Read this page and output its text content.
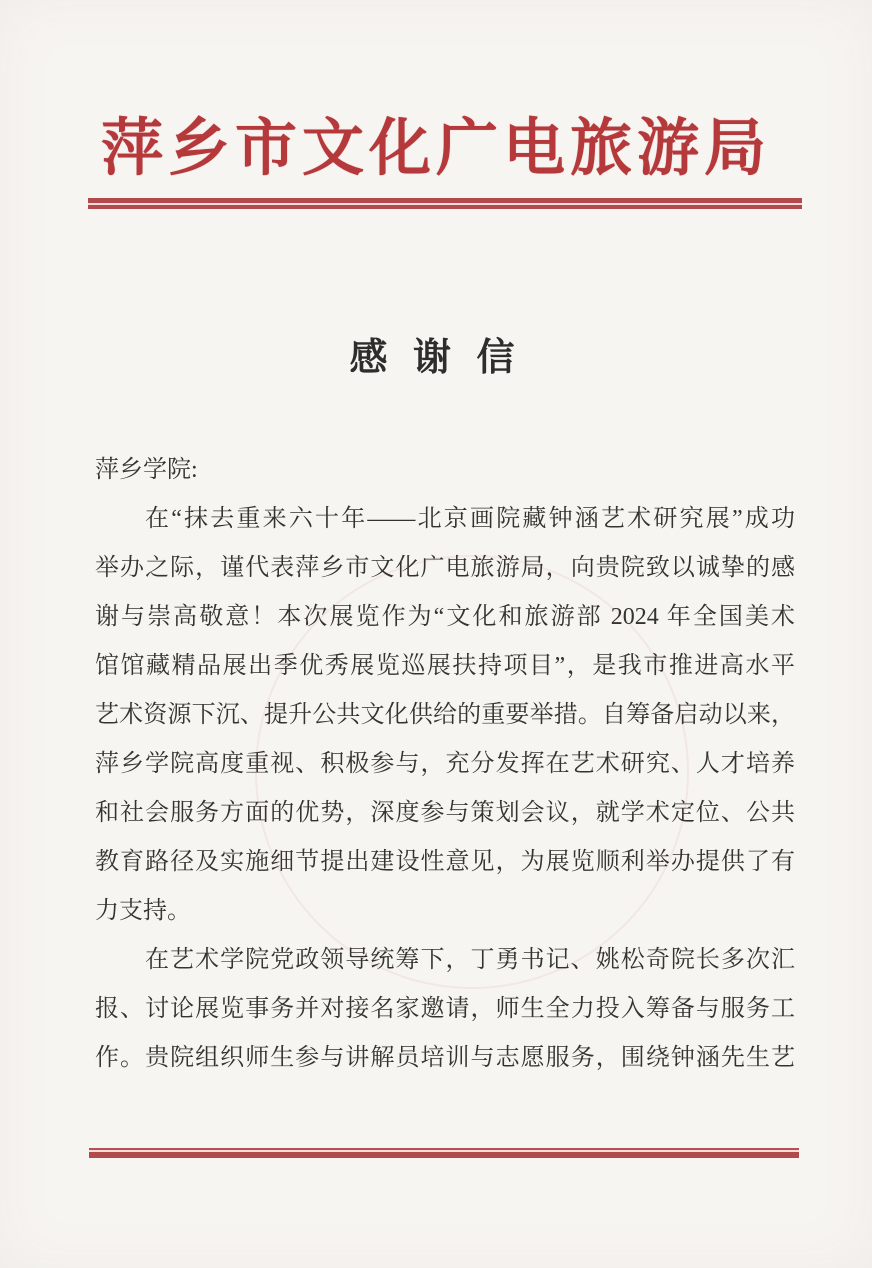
萍乡市文化广电旅游局
感 谢 信
萍乡学院:
在“抹去重来六十年——北京画院藏钟涵艺术研究展”成功
举办之际，谨代表萍乡市文化广电旅游局，向贵院致以诚挚的感
谢与崇高敬意！本次展览作为“文化和旅游部 2024 年全国美术
馆馆藏精品展出季优秀展览巡展扶持项目”，是我市推进高水平
艺术资源下沉、提升公共文化供给的重要举措。自筹备启动以来，
萍乡学院高度重视、积极参与，充分发挥在艺术研究、人才培养
和社会服务方面的优势，深度参与策划会议，就学术定位、公共
教育路径及实施细节提出建设性意见，为展览顺利举办提供了有
力支持。
在艺术学院党政领导统筹下，丁勇书记、姚松奇院长多次汇
报、讨论展览事务并对接名家邀请，师生全力投入筹备与服务工
作。贵院组织师生参与讲解员培训与志愿服务，围绕钟涵先生艺
